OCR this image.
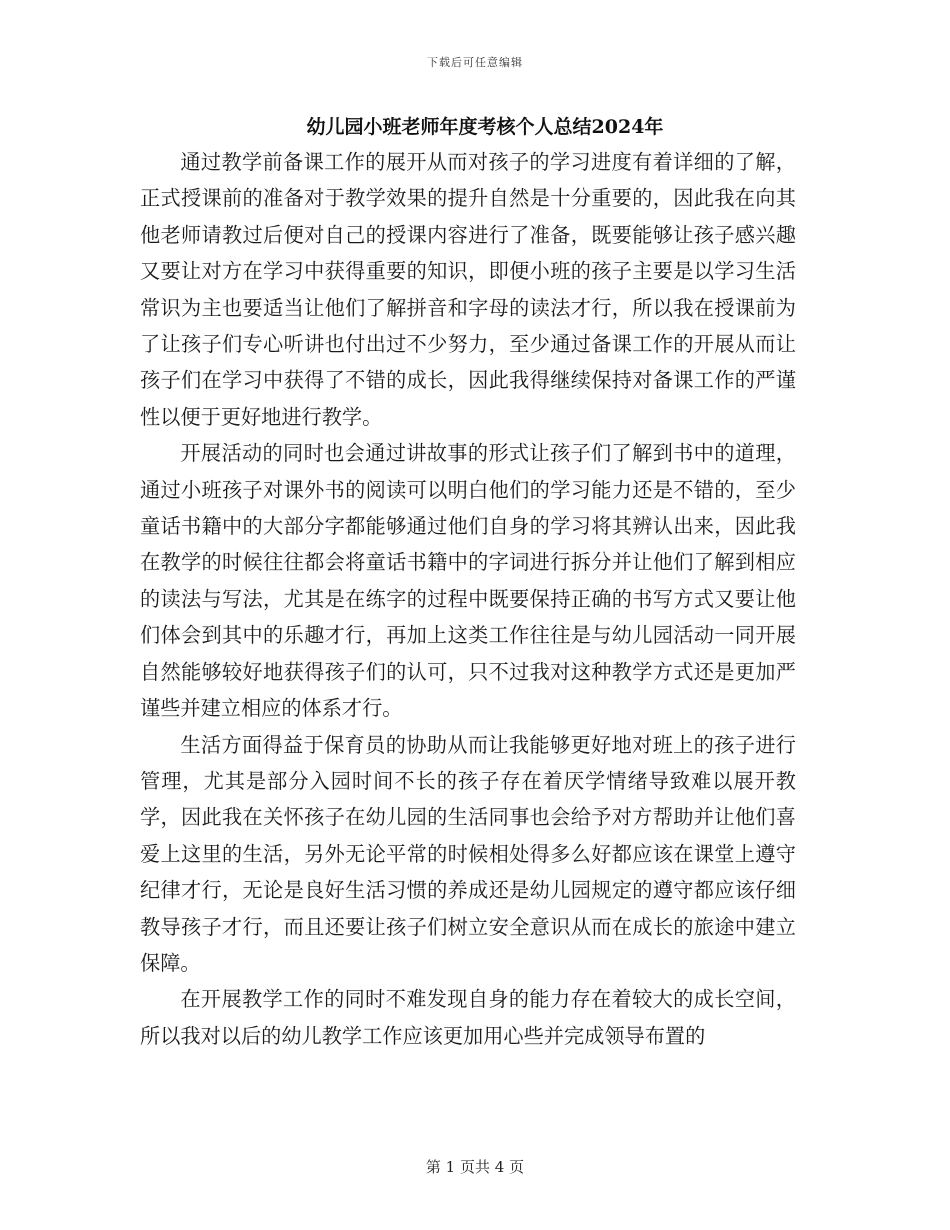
下载后可任意编辑
幼儿园小班老师年度考核个人总结2024年

通过教学前备课工作的展开从而对孩子的学习进度有着详细的了解，正式授课前的准备对于教学效果的提升自然是十分重要的，因此我在向其他老师请教过后便对自己的授课内容进行了准备，既要能够让孩子感兴趣又要让对方在学习中获得重要的知识，即便小班的孩子主要是以学习生活常识为主也要适当让他们了解拼音和字母的读法才行，所以我在授课前为了让孩子们专心听讲也付出过不少努力，至少通过备课工作的开展从而让孩子们在学习中获得了不错的成长，因此我得继续保持对备课工作的严谨性以便于更好地进行教学。

开展活动的同时也会通过讲故事的形式让孩子们了解到书中的道理，通过小班孩子对课外书的阅读可以明白他们的学习能力还是不错的，至少童话书籍中的大部分字都能够通过他们自身的学习将其辨认出来，因此我在教学的时候往往都会将童话书籍中的字词进行拆分并让他们了解到相应的读法与写法，尤其是在练字的过程中既要保持正确的书写方式又要让他们体会到其中的乐趣才行，再加上这类工作往往是与幼儿园活动一同开展自然能够较好地获得孩子们的认可，只不过我对这种教学方式还是更加严谨些并建立相应的体系才行。

生活方面得益于保育员的协助从而让我能够更好地对班上的孩子进行管理，尤其是部分入园时间不长的孩子存在着厌学情绪导致难以展开教学，因此我在关怀孩子在幼儿园的生活同事也会给予对方帮助并让他们喜爱上这里的生活，另外无论平常的时候相处得多么好都应该在课堂上遵守纪律才行，无论是良好生活习惯的养成还是幼儿园规定的遵守都应该仔细教导孩子才行，而且还要让孩子们树立安全意识从而在成长的旅途中建立保障。

在开展教学工作的同时不难发现自身的能力存在着较大的成长空间，所以我对以后的幼儿教学工作应该更加用心些并完成领导布置的

第 1 页共 4 页
